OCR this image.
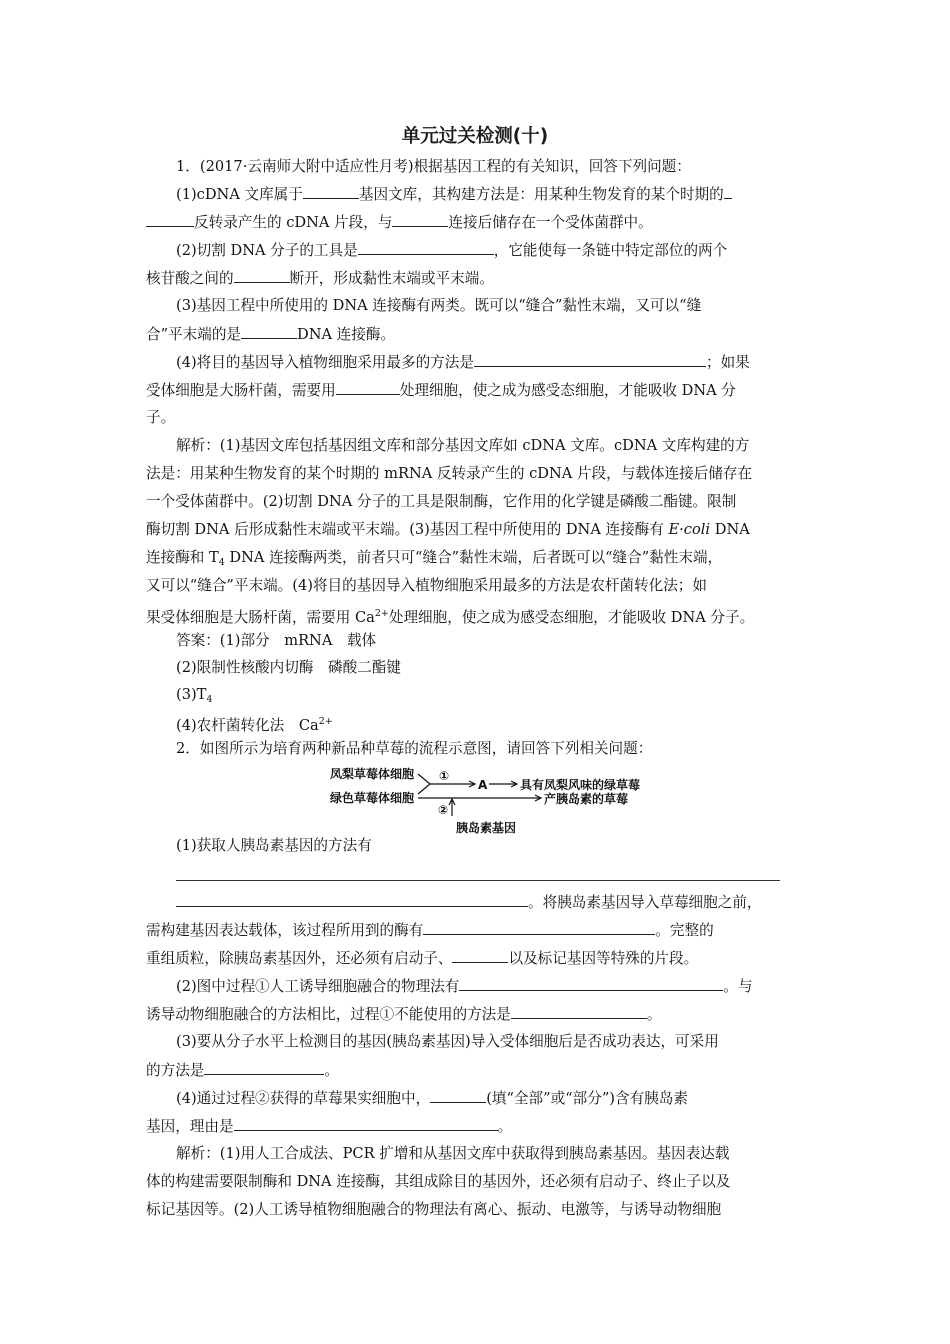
单元过关检测(十)
1．(2017·云南师大附中适应性月考)根据基因工程的有关知识，回答下列问题：
(1)cDNA 文库属于	基因文库，其构建方法是：用某种生物发育的某个时期的
反转录产生的 cDNA 片段，与	连接后储存在一个受体菌群中。
(2)切割 DNA 分子的工具是	，它能使每一条链中特定部位的两个
核苷酸之间的	断开，形成黏性末端或平末端。
(3)基因工程中所使用的 DNA 连接酶有两类。既可以“缝合”黏性末端，又可以“缝
合”平末端的是	DNA 连接酶。
(4)将目的基因导入植物细胞采用最多的方法是	；如果
受体细胞是大肠杆菌，需要用	处理细胞，使之成为感受态细胞，才能吸收 DNA 分
子。
解析：(1)基因文库包括基因组文库和部分基因文库如 cDNA 文库。cDNA 文库构建的方
法是：用某种生物发育的某个时期的 mRNA 反转录产生的 cDNA 片段，与载体连接后储存在
一个受体菌群中。(2)切割 DNA 分子的工具是限制酶，它作用的化学键是磷酸二酯键。限制
酶切割 DNA 后形成黏性末端或平末端。(3)基因工程中所使用的 DNA 连接酶有 E·coli DNA
连接酶和 $T_4$ DNA 连接酶两类，前者只可“缝合”黏性末端，后者既可以“缝合”黏性末端，
又可以“缝合”平末端。(4)将目的基因导入植物细胞采用最多的方法是农杆菌转化法；如
果受体细胞是大肠杆菌，需要用 $Ca^{2+}$处理细胞，使之成为感受态细胞，才能吸收 DNA 分子。
答案：(1)部分　mRNA　载体
(2)限制性核酸内切酶　磷酸二酯键
$(3)T_4$
(4)农杆菌转化法　$Ca^{2+}$
2．如图所示为培育两种新品种草莓的流程示意图，请回答下列相关问题：
凤梨草莓体细胞
绿色草莓体细胞
①
A	具有凤梨风味的绿草莓
产胰岛素的草莓
②
胰岛素基因
(1)获取人胰岛素基因的方法有
。将胰岛素基因导入草莓细胞之前，
需构建基因表达载体，该过程所用到的酶有	。完整的
重组质粒，除胰岛素基因外，还必须有启动子、	以及标记基因等特殊的片段。
(2)图中过程①人工诱导细胞融合的物理法有	。与
诱导动物细胞融合的方法相比，过程①不能使用的方法是	。
(3)要从分子水平上检测目的基因(胰岛素基因)导入受体细胞后是否成功表达，可采用
的方法是	。
(4)通过过程②获得的草莓果实细胞中，	(填“全部”或“部分”)含有胰岛素
基因，理由是	。
解析：(1)用人工合成法、PCR 扩增和从基因文库中获取得到胰岛素基因。基因表达载
体的构建需要限制酶和 DNA 连接酶，其组成除目的基因外，还必须有启动子、终止子以及
标记基因等。(2)人工诱导植物细胞融合的物理法有离心、振动、电激等，与诱导动物细胞
